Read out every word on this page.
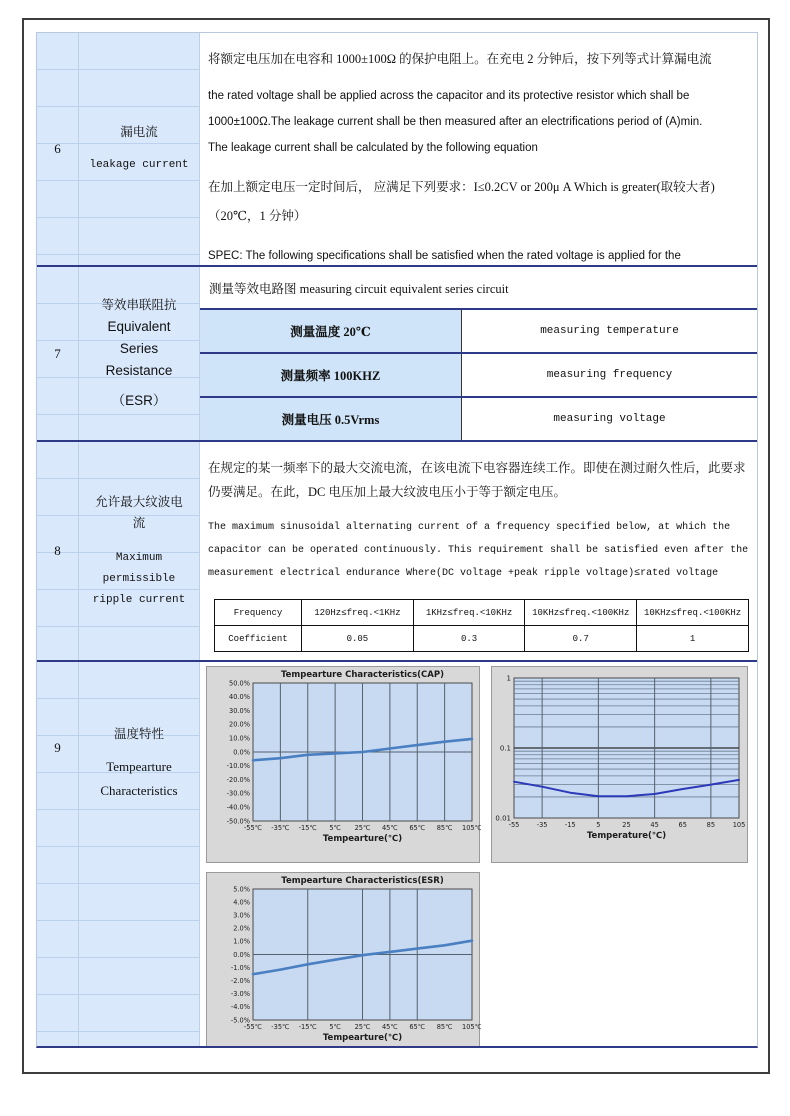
6
漏电流
leakage current
将额定电压加在电容和 1000±100Ω 的保护电阻上。在充电 2 分钟后，按下列等式计算漏电流
the rated voltage shall be applied across the capacitor and its protective resistor which shall be
1000±100Ω.The leakage current shall be then measured after an electrifications period of (A)min.
The leakage current shall be calculated by the following equation
在加上额定电压一定时间后， 应满足下列要求：I≤0.2CV or 200μ A Which is greater(取较大者)
（20℃，1 分钟）
SPEC: The following specifications shall be satisfied when the rated voltage is applied for the
7
等效串联阻抗
Equivalent
Series
Resistance
（ESR）
测量等效电路图 measuring circuit equivalent series circuit
测量温度 20℃	measuring temperature
测量频率 100KHZ	measuring frequency
测量电压 0.5Vrms	measuring voltage
8
允许最大纹波电
流
Maximum
permissible
ripple current
在规定的某一频率下的最大交流电流，在该电流下电容器连续工作。即使在测过耐久性后，此要求
仍要满足。在此，DC 电压加上最大纹波电压小于等于额定电压。
The maximum sinusoidal alternating current of a frequency specified below, at which the
capacitor can be operated continuously. This requirement shall be satisfied even after the
measurement electrical endurance Where(DC voltage +peak ripple voltage)≤rated voltage
Frequency	120Hz≤freq.<1KHz	1KHz≤freq.<10KHz	10KHz≤freq.<100KHz	10KHz≤freq.<100KHz
Coefficient	0.05	0.3	0.7	1
9
温度特性
Tempearture
Characteristics
50.0%
40.0%
30.0%
20.0%
10.0%
0.0%
-10.0%
-20.0%
-30.0%
-40.0%
-50.0%
-55℃ -35℃ -15℃ 5℃ 25℃ 45℃ 65℃ 85℃ 105℃
Tempearture(℃)
Tempearture Characteristics(CAP)	1
0.1
0.01
-55	-35	-15	5	25	45	65	85	105
Temperature(℃)
5.0%
4.0%
3.0%
2.0%
1.0%
0.0%
-1.0%
-2.0%
-3.0%
-4.0%
-5.0%
-55℃ -35℃ -15℃ 5℃ 25℃ 45℃ 65℃ 85℃ 105℃
Tempearture(℃)
Tempearture Characteristics(ESR)
